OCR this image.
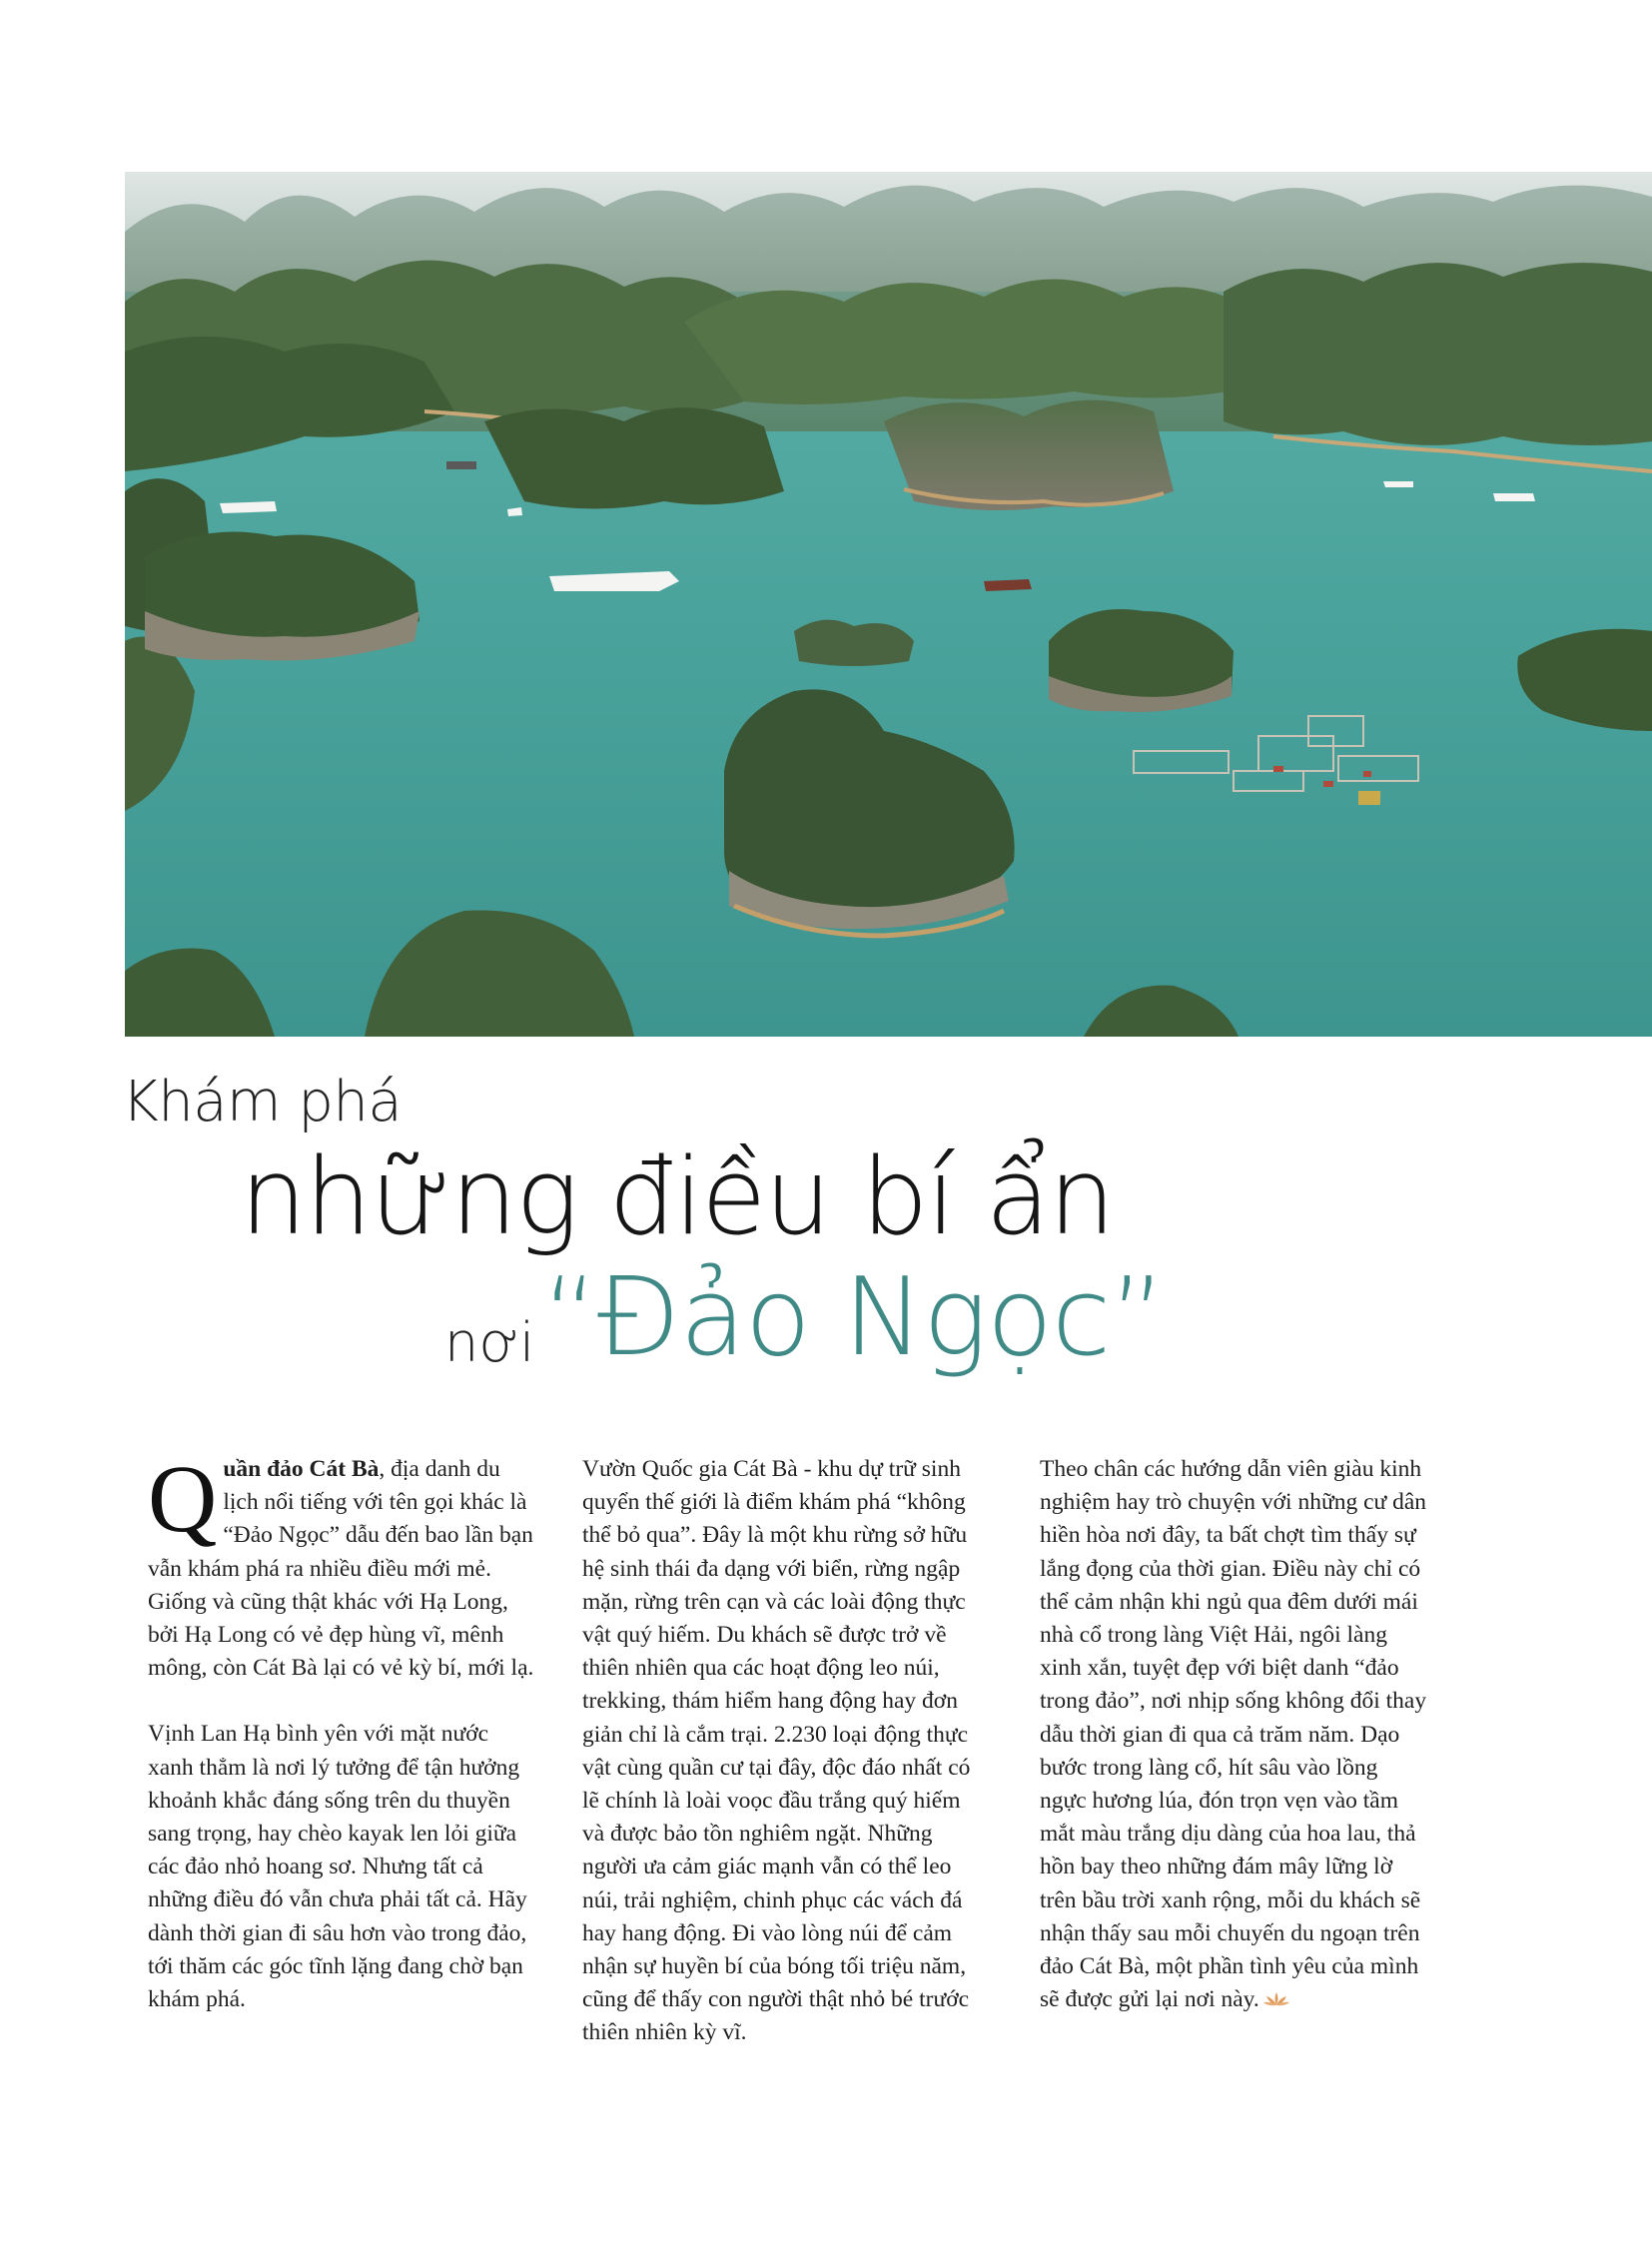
Khám phá
những điều bí ẩn
nơi “Đảo Ngọc”

Quần đảo Cát Bà, địa danh du lịch nổi tiếng với tên gọi khác là “Đảo Ngọc” dẫu đến bao lần bạn vẫn khám phá ra nhiều điều mới mẻ. Giống và cũng thật khác với Hạ Long, bởi Hạ Long có vẻ đẹp hùng vĩ, mênh mông, còn Cát Bà lại có vẻ kỳ bí, mới lạ.

Vịnh Lan Hạ bình yên với mặt nước xanh thẳm là nơi lý tưởng để tận hưởng khoảnh khắc đáng sống trên du thuyền sang trọng, hay chèo kayak len lỏi giữa các đảo nhỏ hoang sơ. Nhưng tất cả những điều đó vẫn chưa phải tất cả. Hãy dành thời gian đi sâu hơn vào trong đảo, tới thăm các góc tĩnh lặng đang chờ bạn khám phá.

Vườn Quốc gia Cát Bà - khu dự trữ sinh quyển thế giới là điểm khám phá “không thể bỏ qua”. Đây là một khu rừng sở hữu hệ sinh thái đa dạng với biển, rừng ngập mặn, rừng trên cạn và các loài động thực vật quý hiếm. Du khách sẽ được trở về thiên nhiên qua các hoạt động leo núi, trekking, thám hiểm hang động hay đơn giản chỉ là cắm trại. 2.230 loại động thực vật cùng quần cư tại đây, độc đáo nhất có lẽ chính là loài voọc đầu trắng quý hiếm và được bảo tồn nghiêm ngặt. Những người ưa cảm giác mạnh vẫn có thể leo núi, trải nghiệm, chinh phục các vách đá hay hang động. Đi vào lòng núi để cảm nhận sự huyền bí của bóng tối triệu năm, cũng để thấy con người thật nhỏ bé trước thiên nhiên kỳ vĩ.

Theo chân các hướng dẫn viên giàu kinh nghiệm hay trò chuyện với những cư dân hiền hòa nơi đây, ta bất chợt tìm thấy sự lắng đọng của thời gian. Điều này chỉ có thể cảm nhận khi ngủ qua đêm dưới mái nhà cổ trong làng Việt Hải, ngôi làng xinh xắn, tuyệt đẹp với biệt danh “đảo trong đảo”, nơi nhịp sống không đổi thay dẫu thời gian đi qua cả trăm năm. Dạo bước trong làng cổ, hít sâu vào lồng ngực hương lúa, đón trọn vẹn vào tầm mắt màu trắng dịu dàng của hoa lau, thả hồn bay theo những đám mây lững lờ trên bầu trời xanh rộng, mỗi du khách sẽ nhận thấy sau mỗi chuyến du ngoạn trên đảo Cát Bà, một phần tình yêu của mình sẽ được gửi lại nơi này.
